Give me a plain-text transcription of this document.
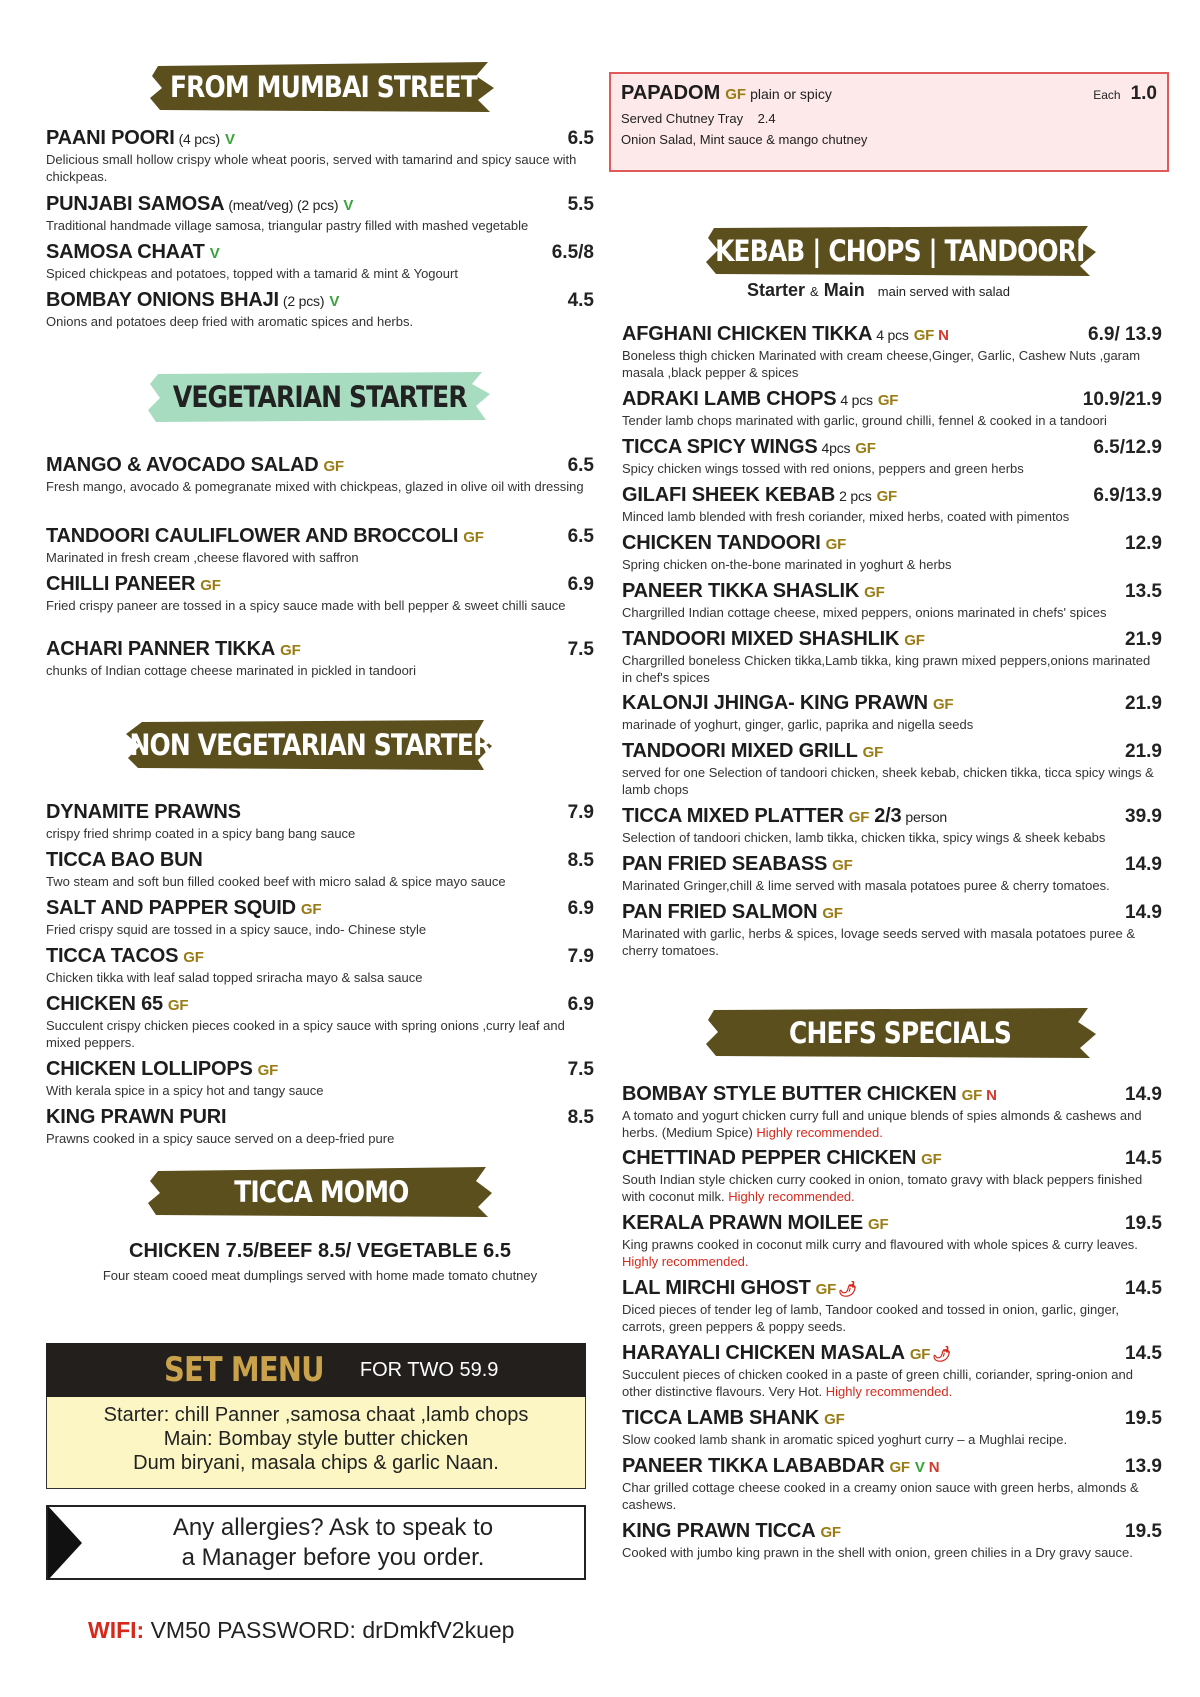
FROM MUMBAI STREET
VEGETARIAN STARTER
NON VEGETARIAN STARTER
TICCA MOMO
KEBAB | CHOPS | TANDOORI
CHEFS SPECIALS
PAPADOM GF plain or spicy	Each 1.0
Served Chutney Tray    2.4
Onion Salad, Mint sauce & mango chutney
Starter & Main main served with salad
PAANI POORI (4 pcs) V	6.5
Delicious small hollow crispy whole wheat pooris, served with tamarind and spicy sauce with chickpeas.
PUNJABI SAMOSA (meat/veg) (2 pcs) V	5.5
Traditional handmade village samosa, triangular pastry filled with mashed vegetable
SAMOSA CHAAT V	6.5/8
Spiced chickpeas and potatoes, topped with a tamarid & mint & Yogourt
BOMBAY ONIONS BHAJI (2 pcs) V	4.5
Onions and potatoes deep fried with aromatic spices and herbs.
MANGO & AVOCADO SALAD GF	6.5
Fresh mango, avocado & pomegranate mixed with chickpeas, glazed in olive oil with dressing
TANDOORI CAULIFLOWER AND BROCCOLI GF	6.5
Marinated in fresh cream ,cheese flavored with saffron
CHILLI PANEER GF	6.9
Fried crispy paneer are tossed in a spicy sauce made with bell pepper & sweet chilli sauce
ACHARI PANNER TIKKA GF	7.5
chunks of Indian cottage cheese marinated in pickled in tandoori
DYNAMITE PRAWNS	7.9
crispy fried shrimp coated in a spicy bang bang sauce
TICCA BAO BUN	8.5
Two steam and soft bun filled cooked beef with micro salad & spice mayo sauce
SALT AND PAPPER SQUID GF	6.9
Fried crispy squid are tossed in a spicy sauce, indo- Chinese style
TICCA TACOS GF	7.9
Chicken tikka with leaf salad topped sriracha mayo & salsa sauce
CHICKEN 65 GF	6.9
Succulent crispy chicken pieces cooked in a spicy sauce with spring onions ,curry leaf and mixed peppers.
CHICKEN LOLLIPOPS GF	7.5
With kerala spice in a spicy hot and tangy sauce
KING PRAWN PURI	8.5
Prawns cooked in a spicy sauce served on a deep-fried pure
AFGHANI CHICKEN TIKKA 4 pcs GF N	6.9/ 13.9
Boneless thigh chicken Marinated with cream cheese,Ginger, Garlic, Cashew Nuts ,garam masala ,black pepper & spices
ADRAKI LAMB CHOPS 4 pcs GF	10.9/21.9
Tender lamb chops marinated with garlic, ground chilli, fennel & cooked in a tandoori
TICCA SPICY WINGS 4pcs GF	6.5/12.9
Spicy chicken wings tossed with red onions, peppers and green herbs
GILAFI SHEEK KEBAB 2 pcs GF	6.9/13.9
Minced lamb blended with fresh coriander, mixed herbs, coated with pimentos
CHICKEN TANDOORI GF	12.9
Spring chicken on-the-bone marinated in yoghurt & herbs
PANEER TIKKA SHASLIK GF	13.5
Chargrilled Indian cottage cheese, mixed peppers, onions marinated in chefs' spices
TANDOORI MIXED SHASHLIK GF	21.9
Chargrilled boneless Chicken tikka,Lamb tikka, king prawn mixed peppers,onions marinated in chef's spices
KALONJI JHINGA- KING PRAWN GF	21.9
marinade of yoghurt, ginger, garlic, paprika and nigella seeds
TANDOORI MIXED GRILL GF	21.9
served for one Selection of tandoori chicken, sheek kebab, chicken tikka, ticca spicy wings & lamb chops
TICCA MIXED PLATTER GF 2/3 person	39.9
Selection of tandoori chicken, lamb tikka, chicken tikka, spicy wings & sheek kebabs
PAN FRIED SEABASS GF	14.9
Marinated Gringer,chill & lime served with masala potatoes puree & cherry tomatoes.
PAN FRIED SALMON GF	14.9
Marinated with garlic, herbs & spices, lovage seeds served with masala potatoes puree & cherry tomatoes.
BOMBAY STYLE BUTTER CHICKEN GF N	14.9
A tomato and yogurt chicken curry full and unique blends of spies almonds & cashews and herbs. (Medium Spice) Highly recommended.
CHETTINAD PEPPER CHICKEN GF	14.5
South Indian style chicken curry cooked in onion, tomato gravy with black peppers finished with coconut milk. Highly recommended.
KERALA PRAWN MOILEE GF	19.5
King prawns cooked in coconut milk curry and flavoured with whole spices & curry leaves. Highly recommended.
LAL MIRCHI GHOST GF 🌶	14.5
Diced pieces of tender leg of lamb, Tandoor cooked and tossed in onion, garlic, ginger, carrots, green peppers & poppy seeds.
HARAYALI CHICKEN MASALA GF 🌶	14.5
Succulent pieces of chicken cooked in a paste of green chilli, coriander, spring-onion and other distinctive flavours. Very Hot. Highly recommended.
TICCA LAMB SHANK GF	19.5
Slow cooked lamb shank in aromatic spiced yoghurt curry – a Mughlai recipe.
PANEER TIKKA LABABDAR GF V N	13.9
Char grilled cottage cheese cooked in a creamy onion sauce with green herbs, almonds & cashews.
KING PRAWN TICCA GF	19.5
Cooked with jumbo king prawn in the shell with onion, green chilies in a Dry gravy sauce.
CHICKEN 7.5/BEEF 8.5/ VEGETABLE 6.5
Four steam cooed meat dumplings served with home made tomato chutney
SET MENU FOR TWO 59.9
Starter: chill Panner ,samosa chaat ,lamb chops
Main: Bombay style butter chicken
Dum biryani, masala chips & garlic Naan.
Any allergies? Ask to speak to
a Manager before you order.
WIFI: VM50 PASSWORD: drDmkfV2kuep
